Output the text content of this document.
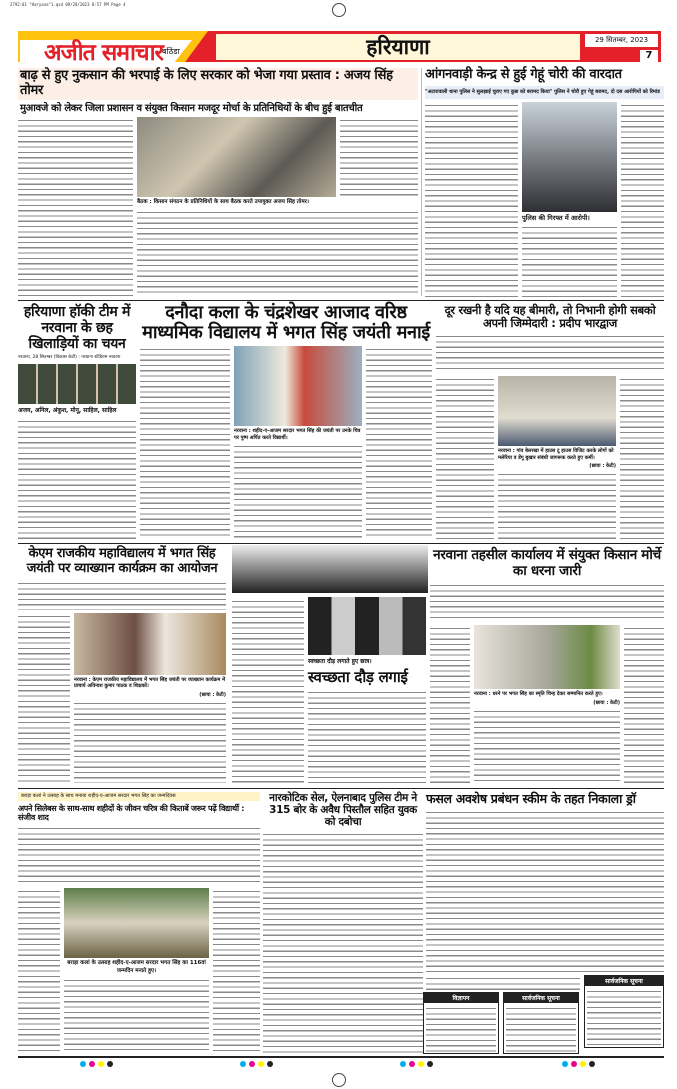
2792:01 "Haryana"1.qxd 09/28/2023 8:57 PM Page 4
अजीत समाचार बठिंडा	हरियाणा	29 सितम्बर, 2023
7
बाढ़ से हुए नुकसान की भरपाई के लिए सरकार को भेजा गया प्रस्ताव : अजय सिंह तोमर
मुआवजे को लेकर जिला प्रशासन व संयुक्त किसान मजदूर मोर्चा के प्रतिनिधियों के बीच हुई बातचीत
बैठक : किसान संगठन के प्रतिनिधियों के साथ बैठक करते उपायुक्त अजय सिंह तोमर।
आंगनवाड़ी केन्द्र से हुई गेहूं चोरी की वारदात
"अटारावाली थाना पुलिस ने सुलझाई चुराए गए कुछ को बरामद किया" पुलिस ने चोरी हुए गेहूं बरामद, दो दस आरोपियों को रिमांड
पुलिस की गिरफ्त में आरोपी।
हरियाणा हॉकी टीम में नरवाना के छह खिलाड़ियों का चयन
नरवाना, 28 सितम्बर (विकास केटी) : नरवाना स्टेडियम नरवाना
अजय, अनिल, अंकुश, मोनू, साहिल, साहिल
दनौदा कला के चंद्रशेखर आजाद वरिष्ठ माध्यमिक विद्यालय में भगत सिंह जयंती मनाई
नरवाना : शहीद-ए-आजम सरदार भगत सिंह की जयंती पर उनके चित्र पर पुष्प अर्पित करते विद्यार्थी।
दूर रखनी है यदि यह बीमारी, तो निभानी होगी सबको अपनी जिम्मेदारी : प्रदीप भारद्वाज
नरवाना : गांव बेलरखा में हाउस टू हाउस विजिट करके लोगों को मलेरिया व डेंगू बुखार संबंधी जागरूक करते हुए कर्मी।
(छाया : केटी)
केएम राजकीय महाविद्यालय में भगत सिंह जयंती पर व्याख्यान कार्यक्रम का आयोजन
नरवाना : केएम राजकीय महाविद्यालय में भगत सिंह जयंती पर व्याख्यान कार्यक्रम में प्राचार्य अविनाश कुमार पाठक व शिक्षकों।
(छाया : केटी)
स्वच्छता दौड़ लगाते हुए छात्र।
स्वच्छता दौड़ लगाई
नरवाना तहसील कार्यालय में संयुक्त किसान मोर्चे का धरना जारी
नरवाना : धरने पर भगत सिंह का स्मृति चिन्ह देकर सम्मानित करते हुए।
(छाया : केटी)
बराड़ा कलां ने उत्साह के साथ मनाया शहीद-ए-आजम सरदार भगत सिंह का जन्मदिवस
अपने सिलेबस के साथ-साथ शहीदों के जीवन चरित्र की किताबें जरूर पढ़ें विद्यार्थी : संजीव शाद
बराड़ा कलां के उत्साह शहीद-ए-आजम सरदार भगत सिंह का 116वां जन्मदिन मनाते हुए।
नारकोटिक सेल, ऐलनाबाद पुलिस टीम ने 315 बोर के अवैध पिस्तौल सहित युवक को दबोचा
फसल अवशेष प्रबंधन स्कीम के तहत निकाला ड्रॉ
विज्ञापन	सार्वजनिक सूचना
सार्वजनिक सूचना
